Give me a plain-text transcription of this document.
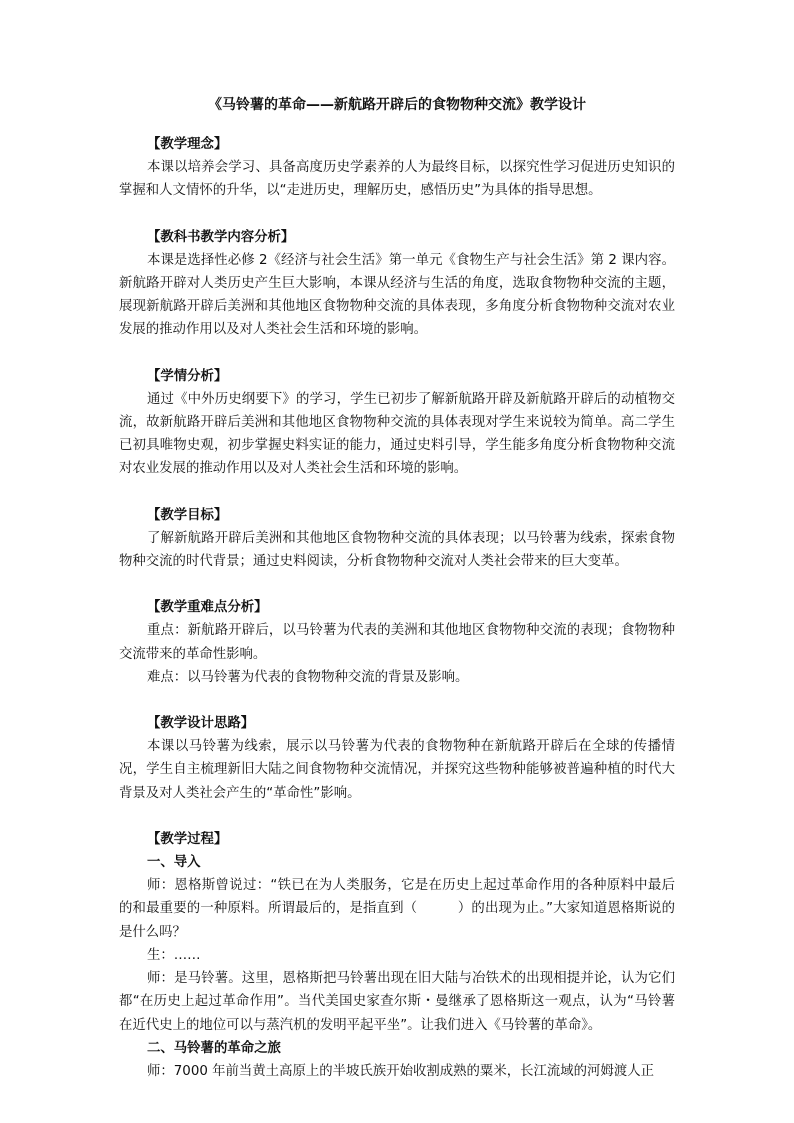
《马铃薯的革命——新航路开辟后的食物物种交流》教学设计
【教学理念】

本课以培养会学习、具备高度历史学素养的人为最终目标，以探究性学习促进历史知识的掌握和人文情怀的升华，以“走进历史，理解历史，感悟历史”为具体的指导思想。

【教科书教学内容分析】

本课是选择性必修 2《经济与社会生活》第一单元《食物生产与社会生活》第 2 课内容。新航路开辟对人类历史产生巨大影响，本课从经济与生活的角度，选取食物物种交流的主题，展现新航路开辟后美洲和其他地区食物物种交流的具体表现，多角度分析食物物种交流对农业发展的推动作用以及对人类社会生活和环境的影响。

【学情分析】

通过《中外历史纲要下》的学习，学生已初步了解新航路开辟及新航路开辟后的动植物交流，故新航路开辟后美洲和其他地区食物物种交流的具体表现对学生来说较为简单。高二学生已初具唯物史观，初步掌握史料实证的能力，通过史料引导，学生能多角度分析食物物种交流对农业发展的推动作用以及对人类社会生活和环境的影响。

【教学目标】

了解新航路开辟后美洲和其他地区食物物种交流的具体表现；以马铃薯为线索，探索食物物种交流的时代背景；通过史料阅读，分析食物物种交流对人类社会带来的巨大变革。

【教学重难点分析】

重点：新航路开辟后，以马铃薯为代表的美洲和其他地区食物物种交流的表现；食物物种交流带来的革命性影响。

难点：以马铃薯为代表的食物物种交流的背景及影响。

【教学设计思路】

本课以马铃薯为线索，展示以马铃薯为代表的食物物种在新航路开辟后在全球的传播情况，学生自主梳理新旧大陆之间食物物种交流情况，并探究这些物种能够被普遍种植的时代大背景及对人类社会产生的“革命性”影响。

【教学过程】
一、导入

师：恩格斯曾说过：“铁已在为人类服务，它是在历史上起过革命作用的各种原料中最后的和最重要的一种原料。所谓最后的，是指直到（　　　）的出现为止。”大家知道恩格斯说的是什么吗？

生：……

师：是马铃薯。这里，恩格斯把马铃薯出现在旧大陆与冶铁术的出现相提并论，认为它们都“在历史上起过革命作用”。当代美国史家查尔斯・曼继承了恩格斯这一观点，认为“马铃薯在近代史上的地位可以与蒸汽机的发明平起平坐”。让我们进入《马铃薯的革命》。

二、马铃薯的革命之旅

师：7000 年前当黄土高原上的半坡氏族开始收割成熟的粟米，长江流域的河姆渡人正
